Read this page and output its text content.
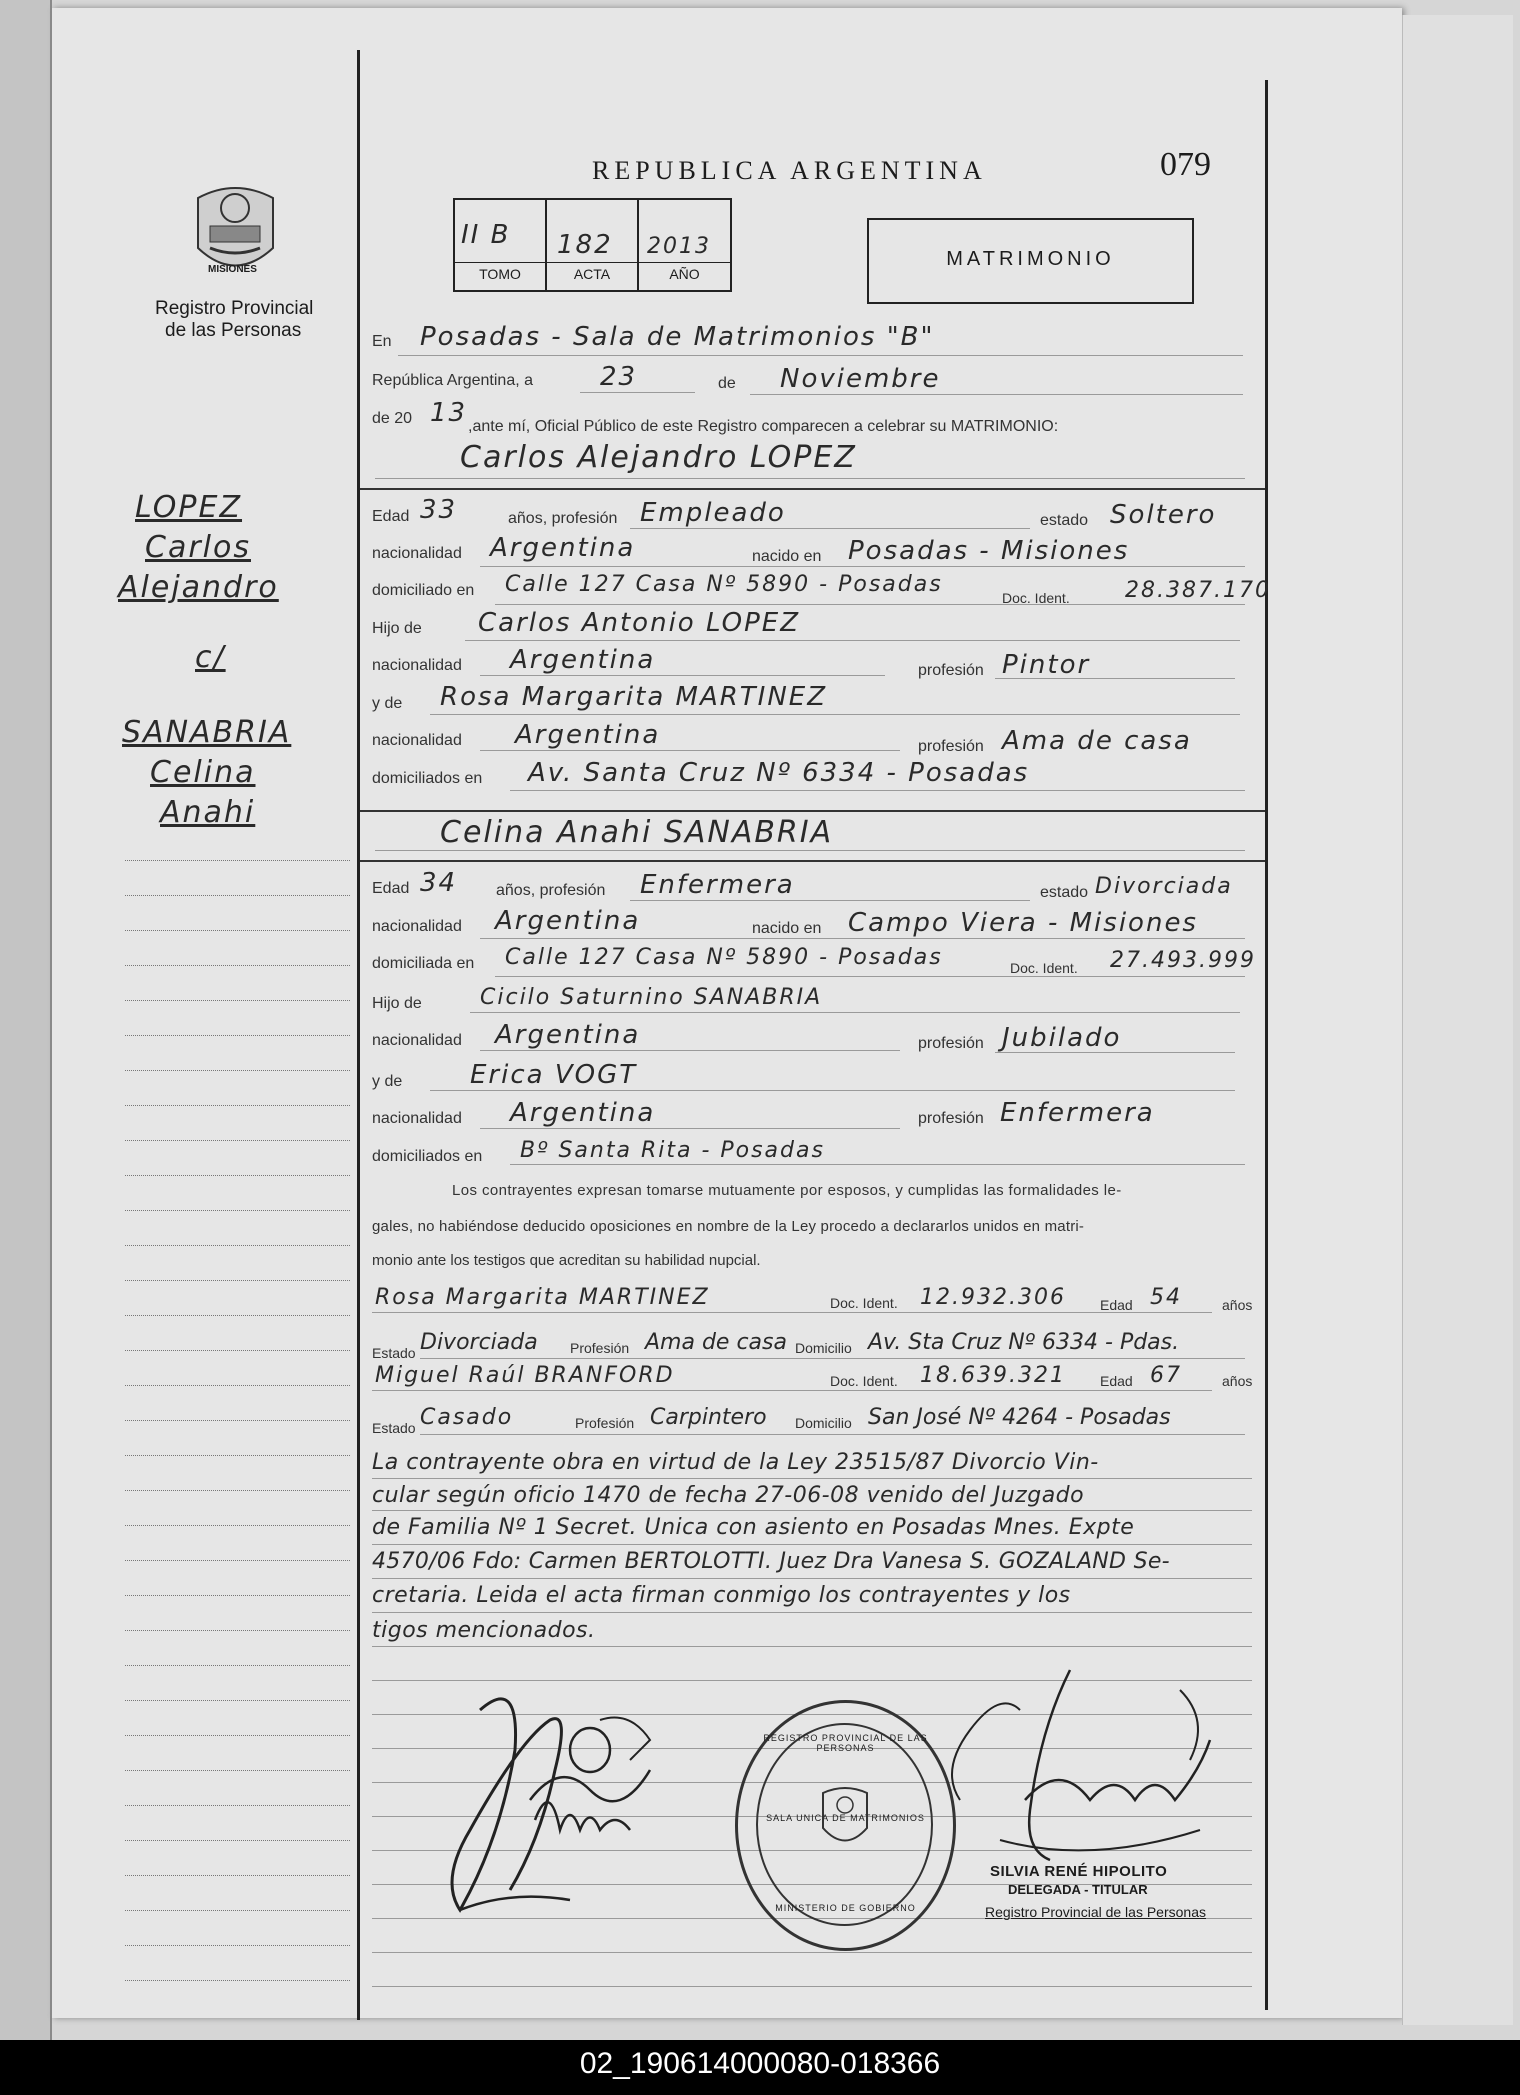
MISIONES
Registro Provincial
de las Personas
LOPEZ
Carlos
Alejandro
c/
SANABRIA
Celina
Anahi
REPUBLICA ARGENTINA	079
II B
TOMO
182
ACTA
2013
AÑO
MATRIMONIO
En Posadas - Sala de Matrimonios "B"
República Argentina, a	23	de Noviembre
de 20 13 ,ante mí, Oficial Público de este Registro comparecen a celebrar su MATRIMONIO:
Carlos Alejandro LOPEZ
Edad 33	años, profesión Empleado	estado Soltero
nacionalidad Argentina	nacido en Posadas - Misiones
domiciliado en Calle 127 Casa Nº 5890 - Posadas
Doc. Ident.	28.387.170
Hijo de Carlos Antonio LOPEZ
nacionalidad Argentina	profesión Pintor
y de Rosa Margarita MARTINEZ
nacionalidad Argentina	profesión Ama de casa
domiciliados en Av. Santa Cruz Nº 6334 - Posadas
Celina Anahi SANABRIA
Edad 34 años, profesión Enfermera	estado Divorciada
nacionalidad Argentina	nacido en Campo Viera - Misiones
domiciliada en Calle 127 Casa Nº 5890 - Posadas	Doc. Ident. 27.493.999
Hijo de	Cicilo Saturnino SANABRIA
nacionalidad Argentina	profesión Jubilado
y de	Erica VOGT
nacionalidad Argentina	profesión Enfermera
domiciliados en Bº Santa Rita - Posadas
Los contrayentes expresan tomarse mutuamente por esposos, y cumplidas las formalidades le-
gales, no habiéndose deducido oposiciones en nombre de la Ley procedo a declararlos unidos en matri-
monio ante los testigos que acreditan su habilidad nupcial.
Rosa Margarita MARTINEZ	Doc. Ident. 12.932.306 Edad 54	años
Estado Divorciada Profesión Ama de casa Domicilio Av. Sta Cruz Nº 6334 - Pdas.
Miguel Raúl BRANFORD	Doc. Ident. 18.639.321 Edad 67	años
Estado Casado	Profesión Carpintero Domicilio San José Nº 4264 - Posadas
La contrayente obra en virtud de la Ley 23515/87 Divorcio Vin-
cular según oficio 1470 de fecha 27-06-08 venido del Juzgado
de Familia Nº 1 Secret. Unica con asiento en Posadas Mnes. Expte
4570/06 Fdo: Carmen BERTOLOTTI. Juez Dra Vanesa S. GOZALAND Se-
cretaria. Leida el acta firman conmigo los contrayentes y los
tigos mencionados.
REGISTRO PROVINCIAL DE LAS PERSONAS
SALA UNICA DE MATRIMONIOS
MINISTERIO DE GOBIERNO
SILVIA RENÉ HIPOLITO
DELEGADA - TITULAR
Registro Provincial de las Personas
02_190614000080-018366
